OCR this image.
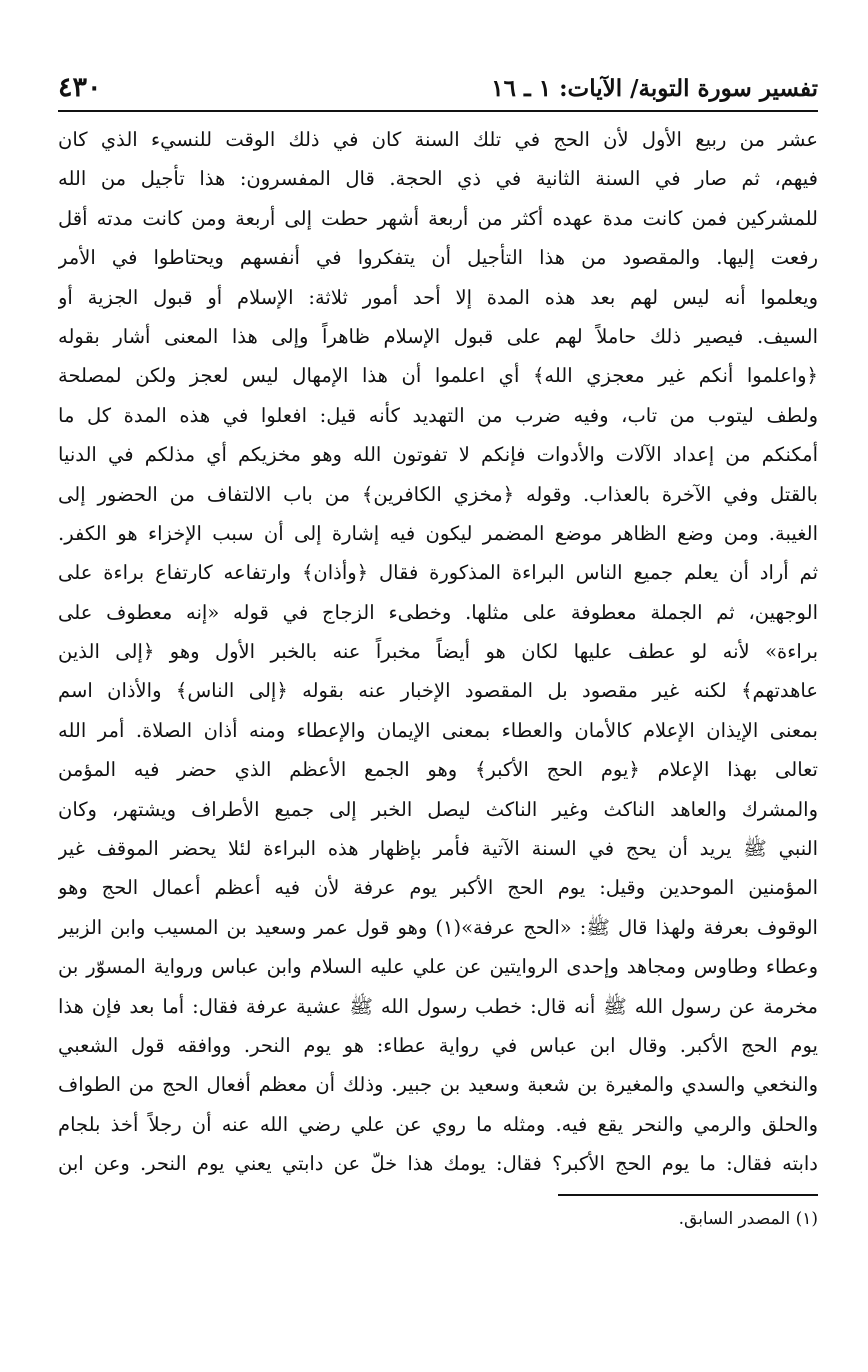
تفسير سورة التوبة/ الآيات: ١ ـ ١٦
٤٣٠
عشر من ربيع الأول لأن الحج في تلك السنة كان في ذلك الوقت للنسيء الذي كان
فيهم، ثم صار في السنة الثانية في ذي الحجة. قال المفسرون: هذا تأجيل من الله
للمشركين فمن كانت مدة عهده أكثر من أربعة أشهر حطت إلى أربعة ومن كانت مدته أقل
رفعت إليها. والمقصود من هذا التأجيل أن يتفكروا في أنفسهم ويحتاطوا في الأمر
ويعلموا أنه ليس لهم بعد هذه المدة إلا أحد أمور ثلاثة: الإسلام أو قبول الجزية أو
السيف. فيصير ذلك حاملاً لهم على قبول الإسلام ظاهراً وإلى هذا المعنى أشار بقوله
﴿واعلموا أنكم غير معجزي الله﴾ أي اعلموا أن هذا الإمهال ليس لعجز ولكن لمصلحة
ولطف ليتوب من تاب، وفيه ضرب من التهديد كأنه قيل: افعلوا في هذه المدة كل ما
أمكنكم من إعداد الآلات والأدوات فإنكم لا تفوتون الله وهو مخزيكم أي مذلكم في الدنيا
بالقتل وفي الآخرة بالعذاب. وقوله ﴿مخزي الكافرين﴾ من باب الالتفاف من الحضور إلى
الغيبة. ومن وضع الظاهر موضع المضمر ليكون فيه إشارة إلى أن سبب الإخزاء هو الكفر.
ثم أراد أن يعلم جميع الناس البراءة المذكورة فقال ﴿وأذان﴾ وارتفاعه كارتفاع براءة على
الوجهين، ثم الجملة معطوفة على مثلها. وخطىء الزجاج في قوله «إنه معطوف على
براءة» لأنه لو عطف عليها لكان هو أيضاً مخبراً عنه بالخبر الأول وهو ﴿إلى الذين
عاهدتهم﴾ لكنه غير مقصود بل المقصود الإخبار عنه بقوله ﴿إلى الناس﴾ والأذان اسم
بمعنى الإيذان الإعلام كالأمان والعطاء بمعنى الإيمان والإعطاء ومنه أذان الصلاة. أمر الله
تعالى بهذا الإعلام ﴿يوم الحج الأكبر﴾ وهو الجمع الأعظم الذي حضر فيه المؤمن
والمشرك والعاهد الناكث وغير الناكث ليصل الخبر إلى جميع الأطراف ويشتهر، وكان
النبي ﷺ يريد أن يحج في السنة الآتية فأمر بإظهار هذه البراءة لئلا يحضر الموقف غير
المؤمنين الموحدين وقيل: يوم الحج الأكبر يوم عرفة لأن فيه أعظم أعمال الحج وهو
الوقوف بعرفة ولهذا قال ﷺ: «الحج عرفة»(١) وهو قول عمر وسعيد بن المسيب وابن الزبير
وعطاء وطاوس ومجاهد وإحدى الروايتين عن علي عليه السلام وابن عباس ورواية المسوّر بن
مخرمة عن رسول الله ﷺ أنه قال: خطب رسول الله ﷺ عشية عرفة فقال: أما بعد فإن هذا
يوم الحج الأكبر. وقال ابن عباس في رواية عطاء: هو يوم النحر. ووافقه قول الشعبي
والنخعي والسدي والمغيرة بن شعبة وسعيد بن جبير. وذلك أن معظم أفعال الحج من الطواف
والحلق والرمي والنحر يقع فيه. ومثله ما روي عن علي رضي الله عنه أن رجلاً أخذ بلجام
دابته فقال: ما يوم الحج الأكبر؟ فقال: يومك هذا خلّ عن دابتي يعني يوم النحر. وعن ابن
(١) المصدر السابق.
